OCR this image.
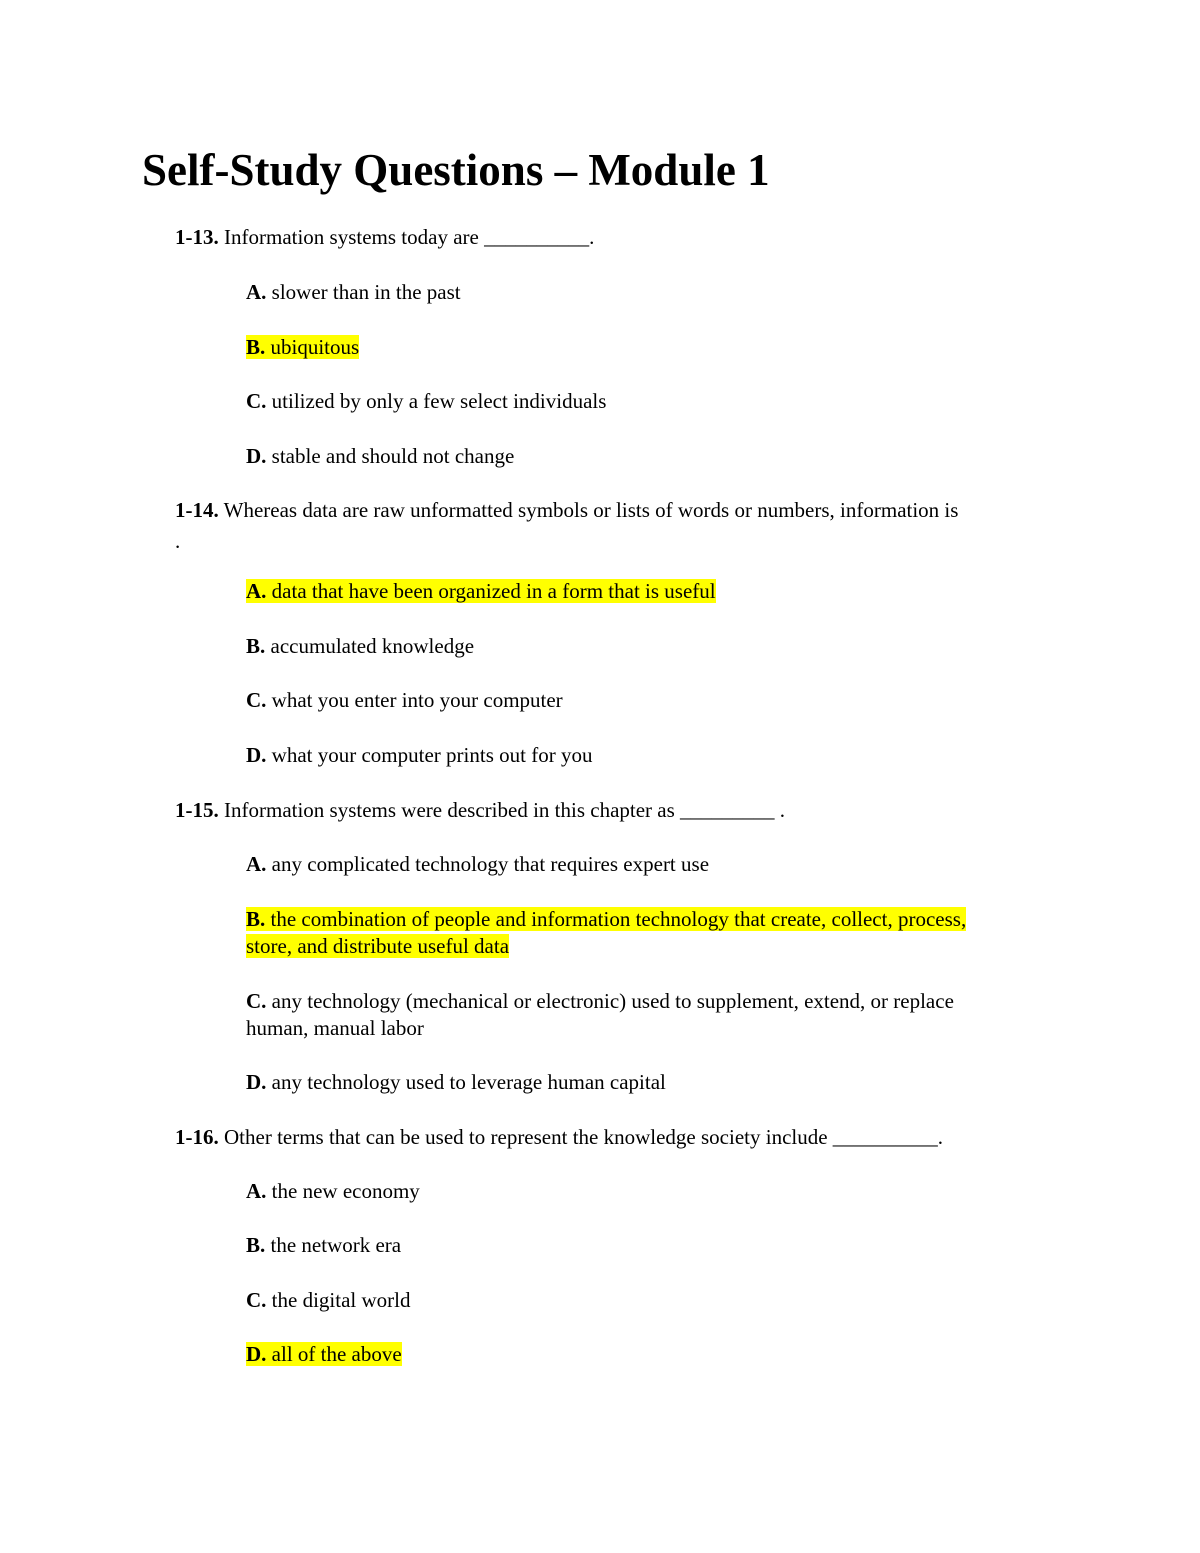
Self-Study Questions – Module 1
1-13. Information systems today are __________.
A. slower than in the past
B. ubiquitous
C. utilized by only a few select individuals
D. stable and should not change
1-14. Whereas data are raw unformatted symbols or lists of words or numbers, information is
.
A. data that have been organized in a form that is useful
B. accumulated knowledge
C. what you enter into your computer
D. what your computer prints out for you
1-15. Information systems were described in this chapter as _________ .
A. any complicated technology that requires expert use
B. the combination of people and information technology that create, collect, process,
store, and distribute useful data
C. any technology (mechanical or electronic) used to supplement, extend, or replace
human, manual labor
D. any technology used to leverage human capital
1-16. Other terms that can be used to represent the knowledge society include __________.
A. the new economy
B. the network era
C. the digital world
D. all of the above
